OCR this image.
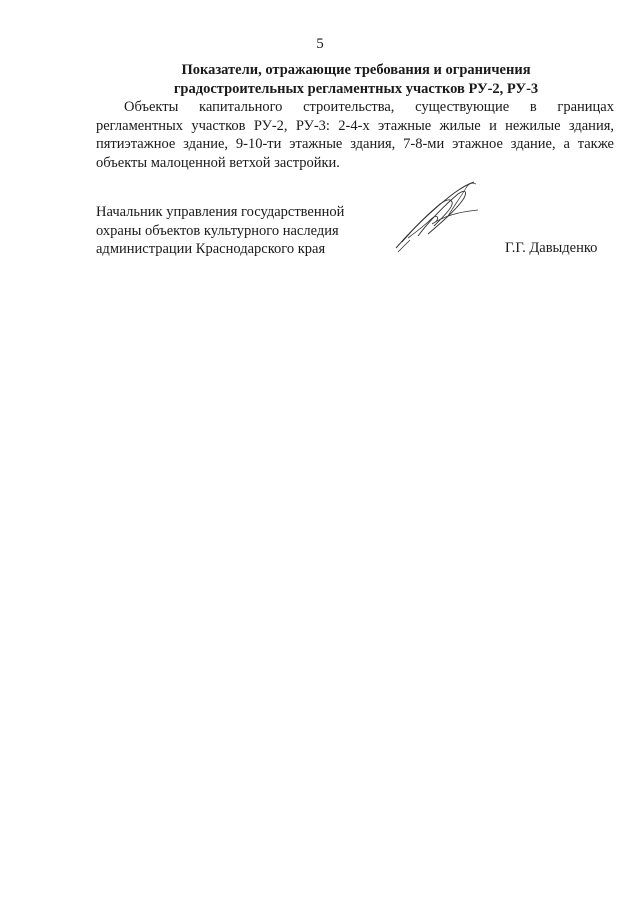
5
Показатели, отражающие требования и ограничения
градостроительных регламентных участков РУ-2, РУ-3

Объекты капитального строительства, существующие в границах регламентных участков РУ-2, РУ-3: 2-4-х этажные жилые и нежилые здания, пятиэтажное здание, 9-10-ти этажные здания, 7-8-ми этажное здание, а также объекты малоценной ветхой застройки.

Начальник управления государственной
охраны объектов культурного наследия
администрации Краснодарского края	Г.Г. Давыденко
